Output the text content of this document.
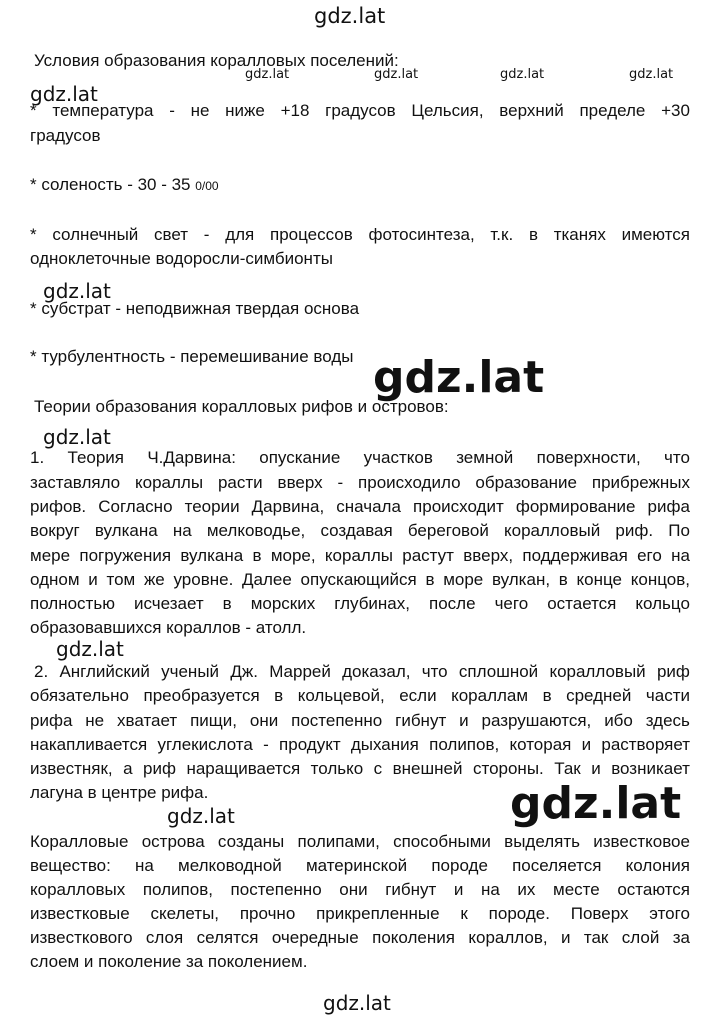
Условия образования коралловых поселений:
* температура - не ниже +18 градусов Цельсия, верхний пределе +30
градусов
* соленость - 30 - 35 0/00
* солнечный свет - для процессов фотосинтеза, т.к. в тканях имеются
одноклеточные водоросли-симбионты
* субстрат - неподвижная твердая основа
* турбулентность - перемешивание воды
Теории образования коралловых рифов и островов:
1. Теория Ч.Дарвина: опускание участков земной поверхности, что
заставляло кораллы расти вверх - происходило образование прибрежных
рифов. Согласно теории Дарвина, сначала происходит формирование рифа
вокруг вулкана на мелководье, создавая береговой коралловый риф. По
мере погружения вулкана в море, кораллы растут вверх, поддерживая его на
одном и том же уровне. Далее опускающийся в море вулкан, в конце концов,
полностью исчезает в морских глубинах, после чего остается кольцо
образовавшихся кораллов - атолл.
2. Английский ученый Дж. Маррей доказал, что сплошной коралловый риф
обязательно преобразуется в кольцевой, если кораллам в средней части
рифа не хватает пищи, они постепенно гибнут и разрушаются, ибо здесь
накапливается углекислота - продукт дыхания полипов, которая и растворяет
известняк, а риф наращивается только с внешней стороны. Так и возникает
лагуна в центре рифа.
Коралловые острова созданы полипами, способными выделять известковое
вещество: на мелководной материнской породе поселяется колония
коралловых полипов, постепенно они гибнут и на их месте остаются
известковые скелеты, прочно прикрепленные к породе. Поверх этого
известкового слоя селятся очередные поколения кораллов, и так слой за
слоем и поколение за поколением.
gdz.lat
gdz.lat	gdz.lat	gdz.lat	gdz.lat
gdz.lat
gdz.lat
gdz.lat
gdz.lat
gdz.lat
gdz.lat
gdz.lat
gdz.lat
